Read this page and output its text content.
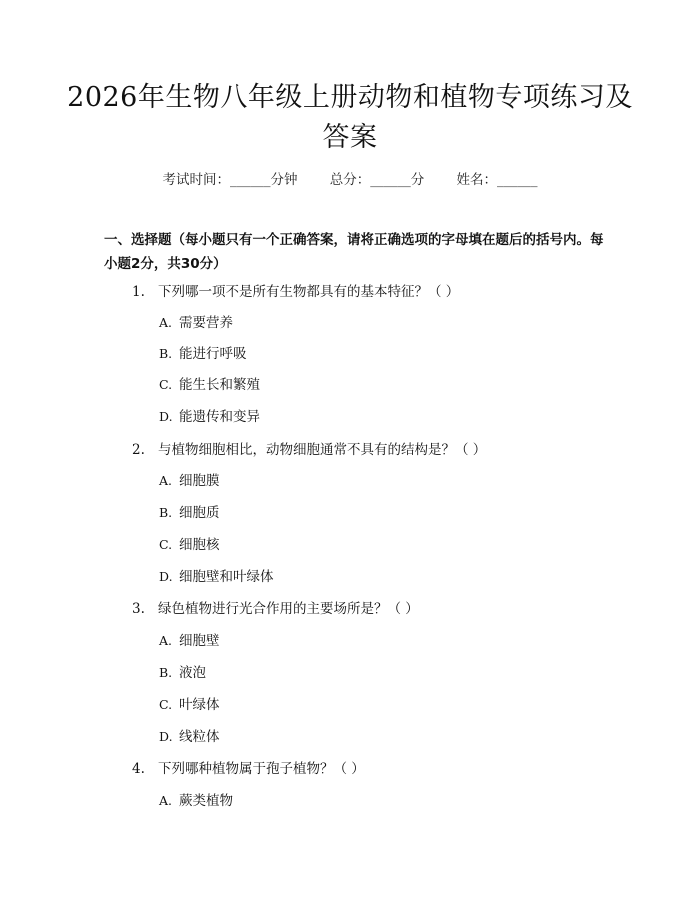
2026年生物八年级上册动物和植物专项练习及答案
考试时间：______分钟 总分：______分 姓名：______
一、选择题（每小题只有一个正确答案，请将正确选项的字母填在题后的括号内。每小题2分，共30分）
1. 下列哪一项不是所有生物都具有的基本特征？（ ）
A. 需要营养
B. 能进行呼吸
C. 能生长和繁殖
D. 能遗传和变异
2. 与植物细胞相比，动物细胞通常不具有的结构是？（ ）
A. 细胞膜
B. 细胞质
C. 细胞核
D. 细胞壁和叶绿体
3. 绿色植物进行光合作用的主要场所是？（ ）
A. 细胞壁
B. 液泡
C. 叶绿体
D. 线粒体
4. 下列哪种植物属于孢子植物？（ ）
A. 蕨类植物
